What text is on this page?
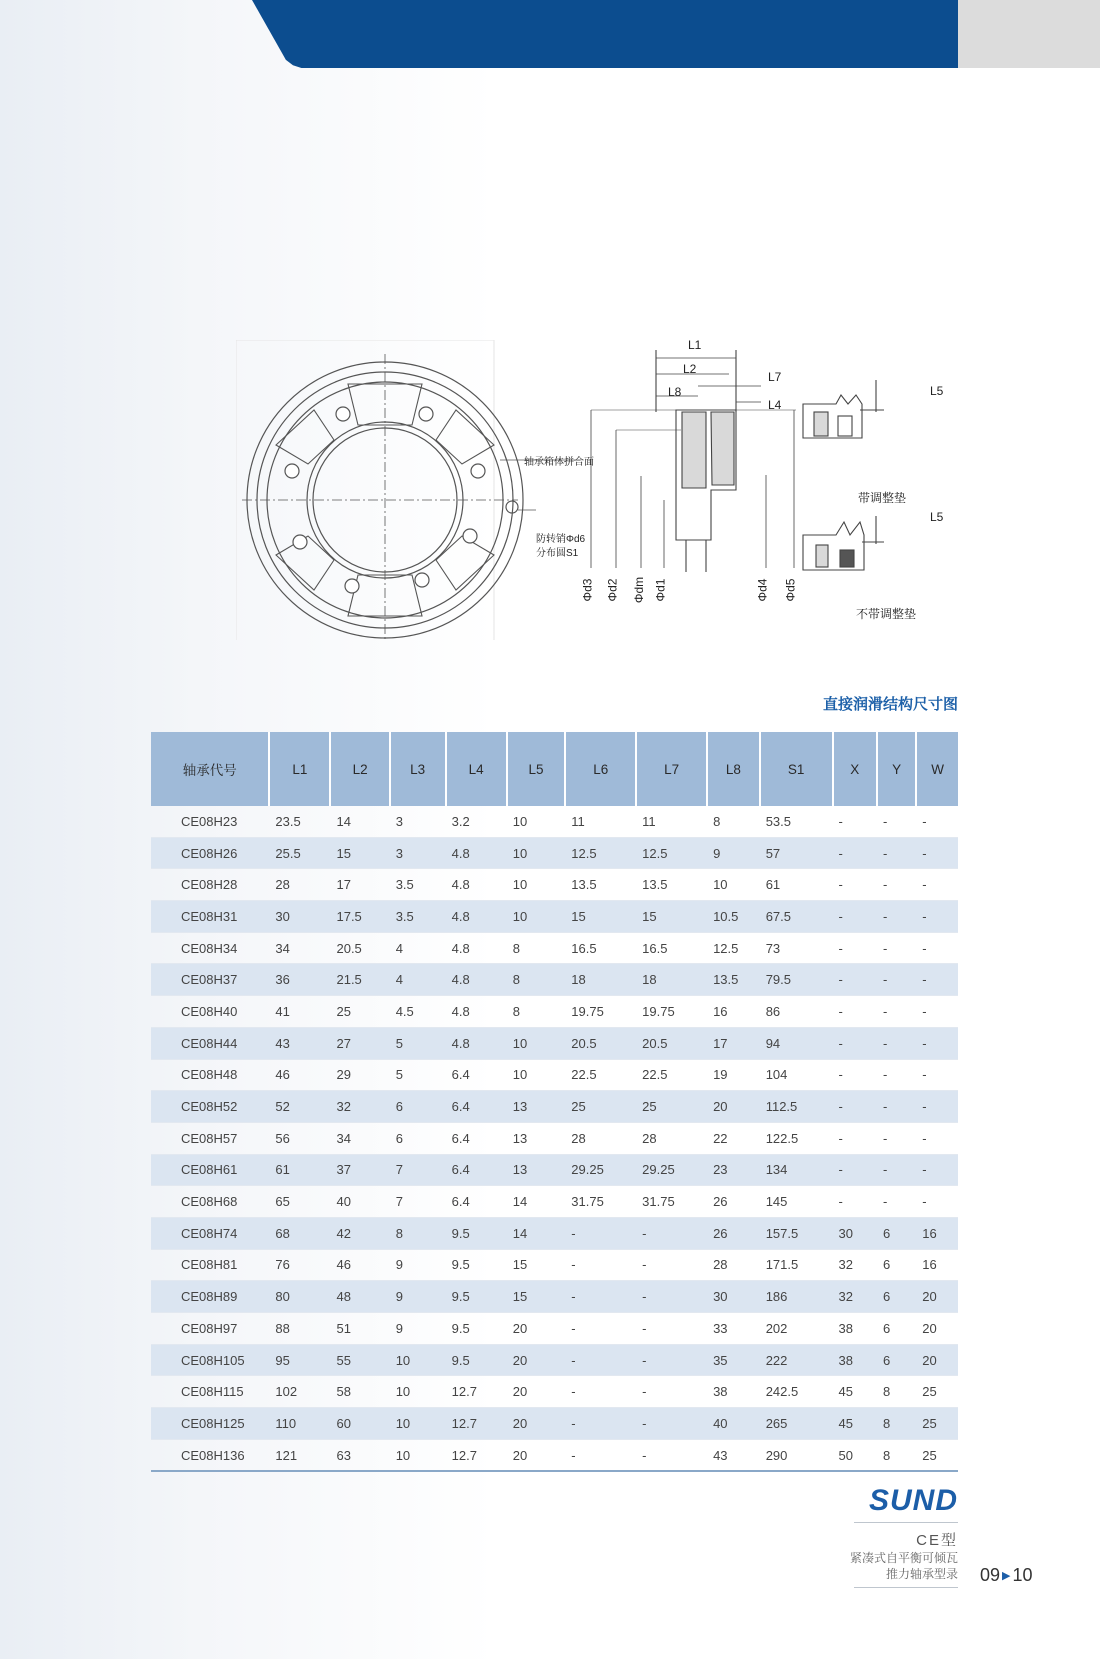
L1
L2
L8
L7
L4
L5
L5
轴承箱体拼合面
防转销Φd6
分布圆S1
Φd3 Φd2 Φdm Φd1	Φd4 Φd5
带调整垫
不带调整垫
直接润滑结构尺寸图
轴承代号	L1	L2	L3	L4	L5	L6	L7	L8	S1	X	Y	W
CE08H23	23.5	14	3	3.2	10	11	11	8	53.5	-	-	-
CE08H26	25.5	15	3	4.8	10	12.5	12.5	9	57	-	-	-
CE08H28	28	17	3.5	4.8	10	13.5	13.5	10	61	-	-	-
CE08H31	30	17.5	3.5	4.8	10	15	15	10.5	67.5	-	-	-
CE08H34	34	20.5	4	4.8	8	16.5	16.5	12.5	73	-	-	-
CE08H37	36	21.5	4	4.8	8	18	18	13.5	79.5	-	-	-
CE08H40	41	25	4.5	4.8	8	19.75	19.75	16	86	-	-	-
CE08H44	43	27	5	4.8	10	20.5	20.5	17	94	-	-	-
CE08H48	46	29	5	6.4	10	22.5	22.5	19	104	-	-	-
CE08H52	52	32	6	6.4	13	25	25	20	112.5	-	-	-
CE08H57	56	34	6	6.4	13	28	28	22	122.5	-	-	-
CE08H61	61	37	7	6.4	13	29.25	29.25	23	134	-	-	-
CE08H68	65	40	7	6.4	14	31.75	31.75	26	145	-	-	-
CE08H74	68	42	8	9.5	14	-	-	26	157.5	30	6	16
CE08H81	76	46	9	9.5	15	-	-	28	171.5	32	6	16
CE08H89	80	48	9	9.5	15	-	-	30	186	32	6	20
CE08H97	88	51	9	9.5	20	-	-	33	202	38	6	20
CE08H105	95	55	10	9.5	20	-	-	35	222	38	6	20
CE08H115	102	58	10	12.7	20	-	-	38	242.5	45	8	25
CE08H125	110	60	10	12.7	20	-	-	40	265	45	8	25
CE08H136	121	63	10	12.7	20	-	-	43	290	50	8	25
SUND
CE型
紧凑式自平衡可倾瓦
推力轴承型录 09 ▶ 10
